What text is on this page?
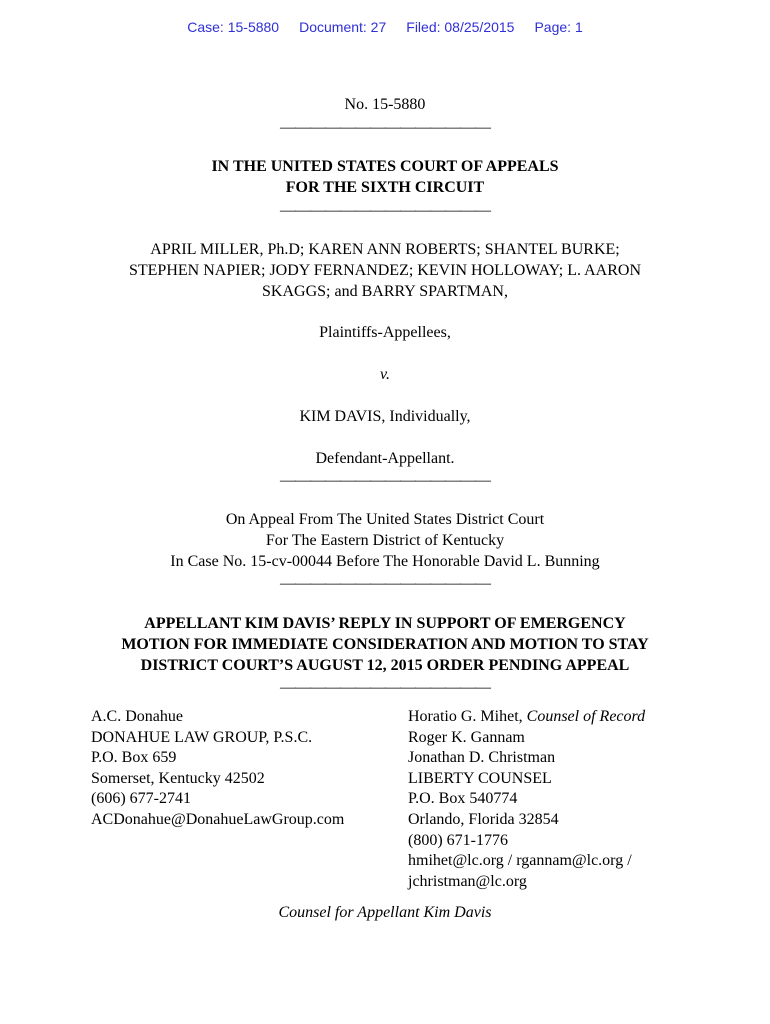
Case: 15-5880 Document: 27 Filed: 08/25/2015 Page: 1
No. 15-5880
——————————————
IN THE UNITED STATES COURT OF APPEALS
FOR THE SIXTH CIRCUIT
——————————————
APRIL MILLER, Ph.D; KAREN ANN ROBERTS; SHANTEL BURKE;
STEPHEN NAPIER; JODY FERNANDEZ; KEVIN HOLLOWAY; L. AARON
SKAGGS; and BARRY SPARTMAN,
Plaintiffs-Appellees,
v.
KIM DAVIS, Individually,
Defendant-Appellant.
——————————————
On Appeal From The United States District Court
For The Eastern District of Kentucky
In Case No. 15-cv-00044 Before The Honorable David L. Bunning
——————————————
APPELLANT KIM DAVIS’ REPLY IN SUPPORT OF EMERGENCY
MOTION FOR IMMEDIATE CONSIDERATION AND MOTION TO STAY
DISTRICT COURT’S AUGUST 12, 2015 ORDER PENDING APPEAL
——————————————
A.C. Donahue
DONAHUE LAW GROUP, P.S.C.
P.O. Box 659
Somerset, Kentucky 42502
(606) 677-2741
ACDonahue@DonahueLawGroup.com
Horatio G. Mihet, Counsel of Record
Roger K. Gannam
Jonathan D. Christman
LIBERTY COUNSEL
P.O. Box 540774
Orlando, Florida 32854
(800) 671-1776
hmihet@lc.org / rgannam@lc.org /
jchristman@lc.org
Counsel for Appellant Kim Davis
